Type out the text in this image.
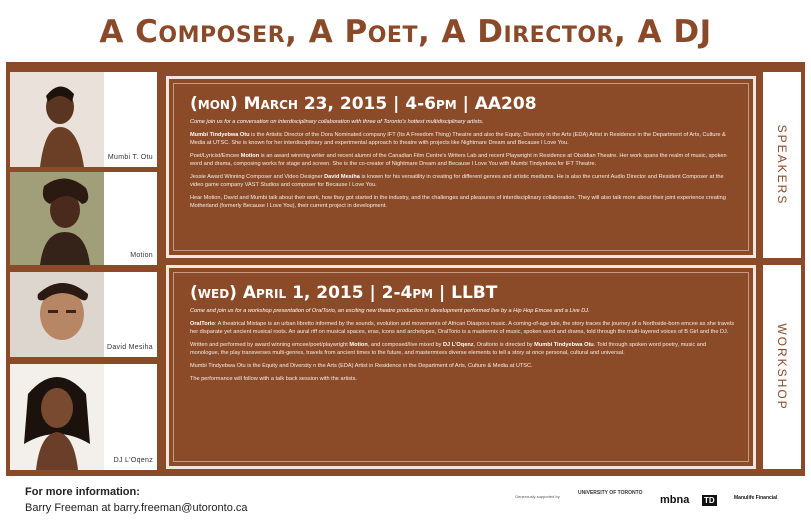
A Composer, A Poet, A Director, A DJ
Mumbi T. Otu
Motion
David Mesiha
DJ L'Oqenz
(mon) March 23, 2015 | 4-6pm | AA208

Come join us for a conversation on interdisciplinary collaboration with three of Toronto's hottest multidisciplinary artists.

Mumbi Tindyebwa Otu is the Artistic Director of the Dora Nominated company IFT (Its A Freedom Thing) Theatre and also the Equity, Diversity in the Arts (EDA) Artist in Residence in the Department of Arts, Culture & Media at UTSC. She is known for her interdisciplinary and experimental approach to theatre with projects like Nightmare Dream and Because I Love You.

Poet/Lyricist/Emcee Motion is an award winning writer and recent alumni of the Canadian Film Centre's Writers Lab and recent Playwright in Residence at Obsidian Theatre. Her work spans the realm of music, spoken word and drama, composing works for stage and screen. She is the co-creator of Nightmare Dream and Because I Love You with Mumbi Tindyebwa for IFT Theatre.

Jessie Award Winning Composer and Video Designer David Mesiha is known for his versatility in creating for different genres and artistic mediums. He is also the current Audio Director and Resident Composer at the video game company VAST Studios and composer for Because I Love You.

Hear Motion, David and Mumbi talk about their work, how they got started in the industry, and the challenges and pleasures of interdisciplinary collaboration. They will also talk more about their joint experience creating Motherland (formerly Because I Love You), their current project in development.

(wed) April 1, 2015 | 2-4pm | LLBT

Come and join us for a workshop presentation of OralTorio, an exciting new theatre production in development performed live by a Hip Hop Emcee and a Live DJ.

OralTorio: A theatrical Mixtape is an urban libretto informed by the sounds, evolution and movements of African Diaspora music. A coming-of-age tale, the story traces the journey of a Northside-born emcee as she travels her disparate yet ancient musical roots. An aural riff on musical spaces, eras, icons and archetypes, OralTorio is a mastermix of music, spoken word and drama, told through the multi-layered voices of B Girl and the DJ.

Written and performed by award winning emcee/poet/playwright Motion, and composed/live mixed by DJ L'Oqenz, Oraltorio is directed by Mumbi Tindyebwa Otu. Told through spoken word poetry, music and monologue, the play transverses multi-genres, travels from ancient times to the future, and mastermixes diverse elements to tell a story at once personal, cultural and universal.

Mumbi Tindyebwa Otu is the Equity and Diversity n the Arts (EDA) Artist in Residence in the Department of Arts, Culture & Media at UTSC.

The performance will follow with a talk back session with the artists.

SPEAKERS
WORKSHOP
For more information:
Barry Freeman at barry.freeman@utoronto.ca
Generously supported by
UNIVERSITY OF TORONTO
mbna TD	Manulife Financial
